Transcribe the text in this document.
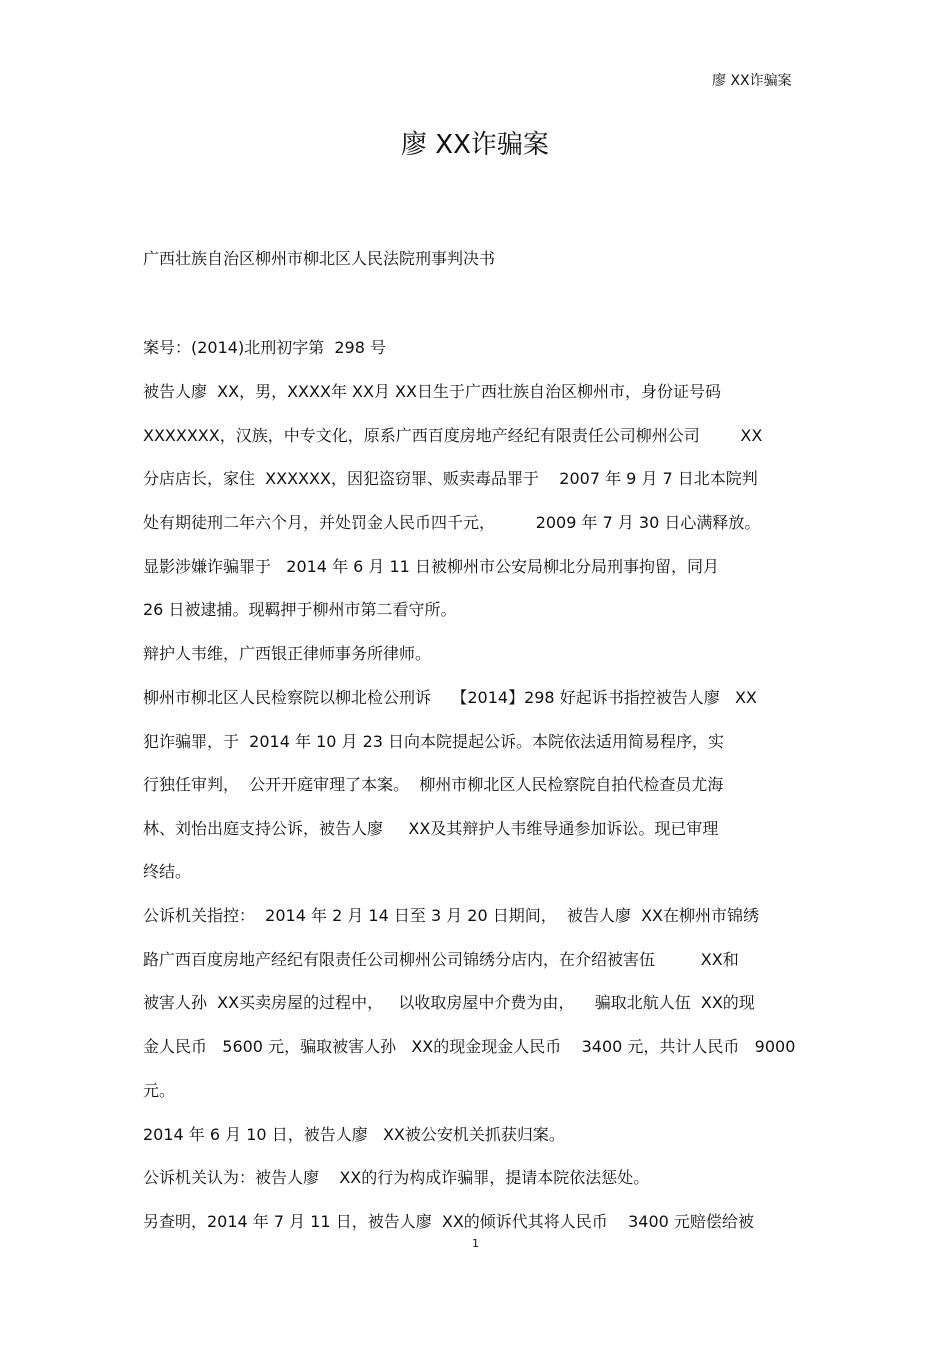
廖 XX诈骗案
廖 XX诈骗案
广西壮族自治区柳州市柳北区人民法院刑事判决书
案号：(2014)北刑初字第  298 号
被告人廖  XX，男，XXXX年 XX月 XX日生于广西壮族自治区柳州市，身份证号码
XXXXXXX，汉族，中专文化，原系广西百度房地产经纪有限责任公司柳州公司        XX
分店店长，家住  XXXXXX，因犯盗窃罪、贩卖毒品罪于    2007 年 9 月 7 日北本院判
处有期徒刑二年六个月，并处罚金人民币四千元，        2009 年 7 月 30 日心满释放。
显影涉嫌诈骗罪于   2014 年 6 月 11 日被柳州市公安局柳北分局刑事拘留，同月
26 日被逮捕。现羁押于柳州市第二看守所。
辩护人韦维，广西银正律师事务所律师。
柳州市柳北区人民检察院以柳北检公刑诉    【2014】298 好起诉书指控被告人廖   XX
犯诈骗罪，于  2014 年 10 月 23 日向本院提起公诉。本院依法适用简易程序，实
行独任审判，  公开开庭审理了本案。  柳州市柳北区人民检察院自拍代检查员尤海
林、刘怡出庭支持公诉，被告人廖     XX及其辩护人韦维导通参加诉讼。现已审理
终结。
公诉机关指控：  2014 年 2 月 14 日至 3 月 20 日期间，  被告人廖  XX在柳州市锦绣
路广西百度房地产经纪有限责任公司柳州公司锦绣分店内，在介绍被害伍         XX和
被害人孙  XX买卖房屋的过程中，   以收取房屋中介费为由，    骗取北航人伍  XX的现
金人民币   5600 元，骗取被害人孙   XX的现金现金人民币    3400 元，共计人民币   9000
元。
2014 年 6 月 10 日，被告人廖   XX被公安机关抓获归案。
公诉机关认为：被告人廖    XX的行为构成诈骗罪，提请本院依法惩处。
另查明，2014 年 7 月 11 日，被告人廖  XX的倾诉代其将人民币    3400 元赔偿给被
1
